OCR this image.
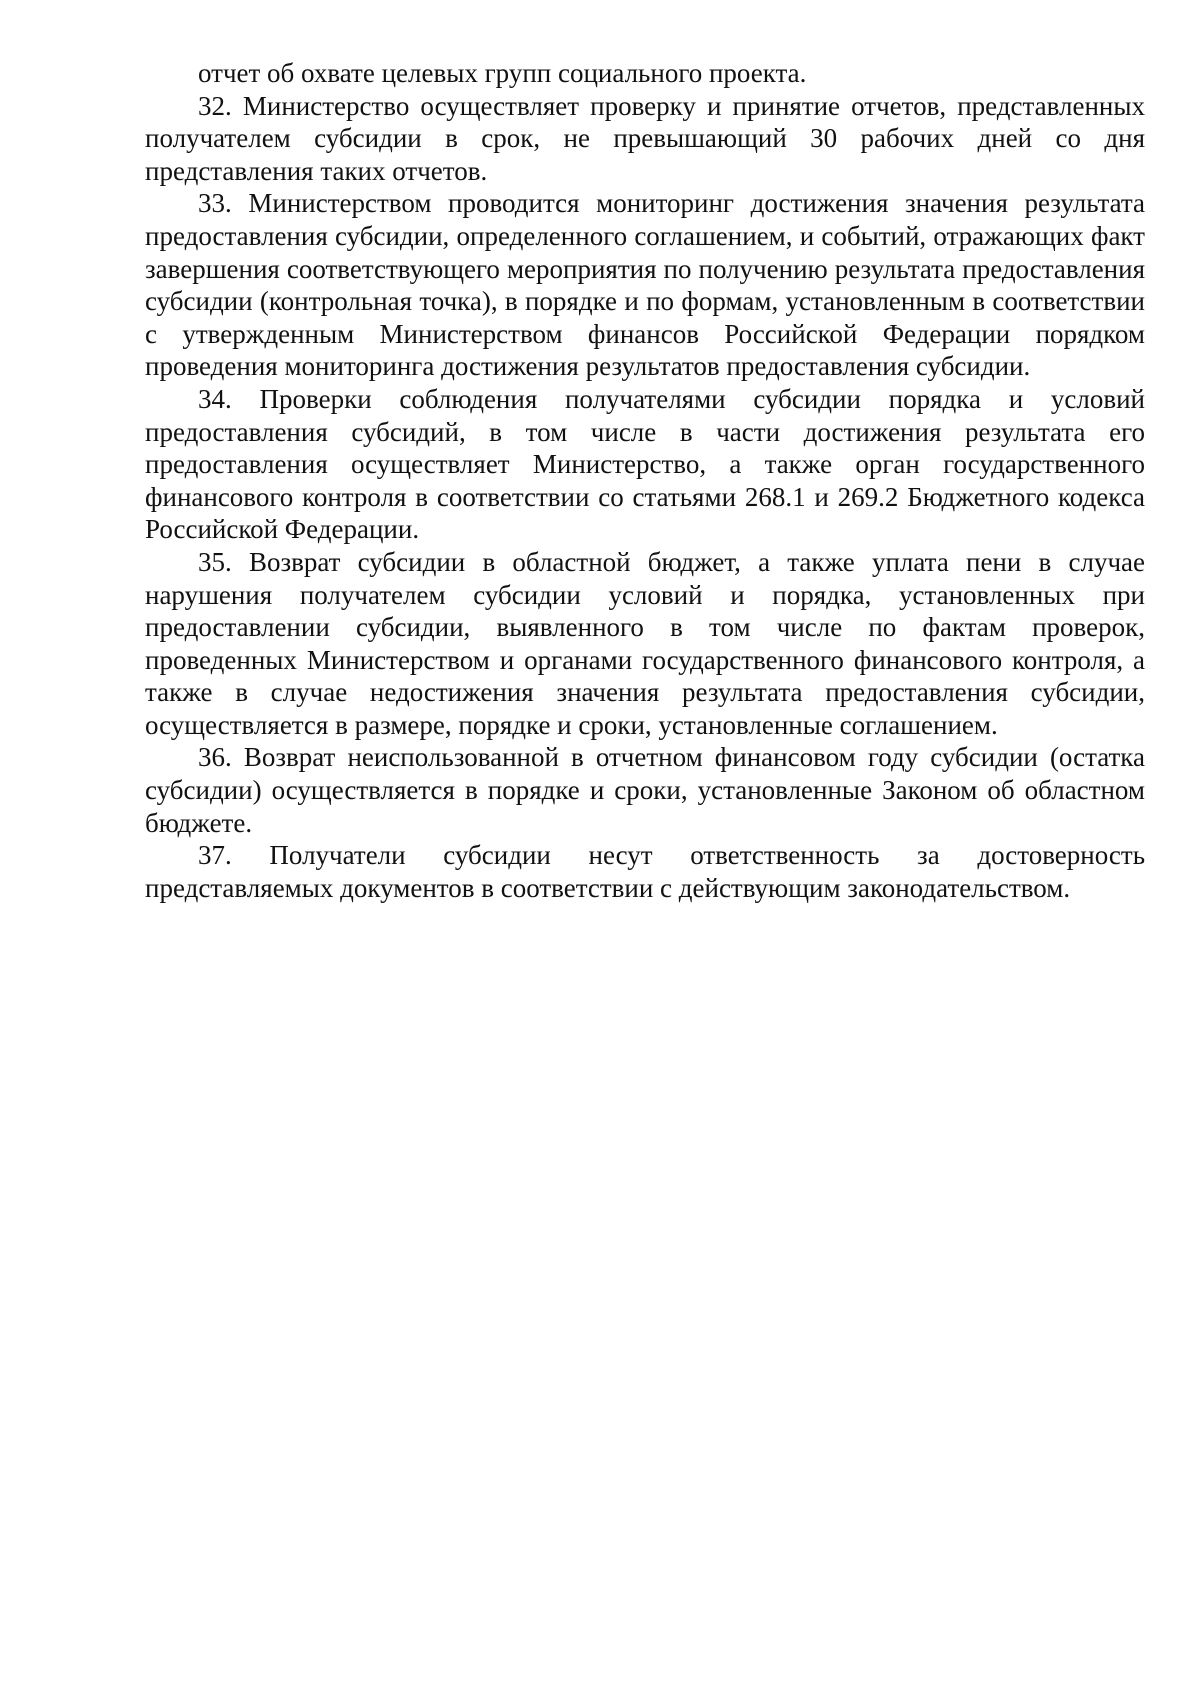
отчет об охвате целевых групп социального проекта.

32. Министерство осуществляет проверку и принятие отчетов, представленных получателем субсидии в срок, не превышающий 30 рабочих дней со дня представления таких отчетов.

33. Министерством проводится мониторинг достижения значения результата предоставления субсидии, определенного соглашением, и событий, отражающих факт завершения соответствующего мероприятия по получению результата предоставления субсидии (контрольная точка), в порядке и по формам, установленным в соответствии с утвержденным Министерством финансов Российской Федерации порядком проведения мониторинга достижения результатов предоставления субсидии.

34. Проверки соблюдения получателями субсидии порядка и условий предоставления субсидий, в том числе в части достижения результата его предоставления осуществляет Министерство, а также орган государственного финансового контроля в соответствии со статьями 268.1 и 269.2 Бюджетного кодекса Российской Федерации.

35. Возврат субсидии в областной бюджет, а также уплата пени в случае нарушения получателем субсидии условий и порядка, установленных при предоставлении субсидии, выявленного в том числе по фактам проверок, проведенных Министерством и органами государственного финансового контроля, а также в случае недостижения значения результата предоставления субсидии, осуществляется в размере, порядке и сроки, установленные соглашением.

36. Возврат неиспользованной в отчетном финансовом году субсидии (остатка субсидии) осуществляется в порядке и сроки, установленные Законом об областном бюджете.

37. Получатели субсидии несут ответственность за достоверность представляемых документов в соответствии с действующим законодательством.
